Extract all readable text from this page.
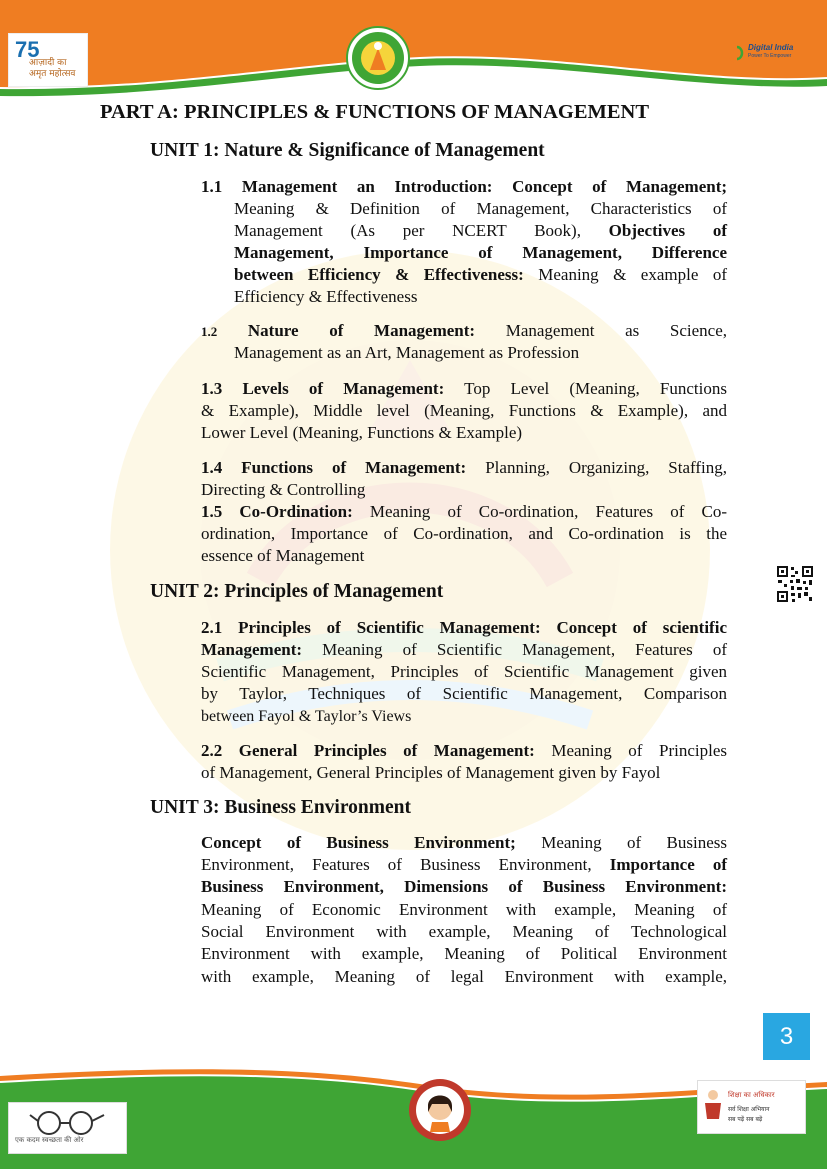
75
आज़ादी का
अमृत महोत्सव
Digital India
Power To Empower
PART A: PRINCIPLES & FUNCTIONS OF MANAGEMENT
UNIT 1: Nature & Significance of Management
1.1 Management an Introduction: Concept of Management;
Meaning & Definition of Management, Characteristics of
Management (As per NCERT Book), Objectives of
Management, Importance of Management, Difference
between Efficiency & Effectiveness: Meaning & example of
Efficiency & Effectiveness
1.2 Nature of Management: Management as Science,
Management as an Art, Management as Profession
1.3 Levels of Management: Top Level (Meaning, Functions
& Example), Middle level (Meaning, Functions & Example), and
Lower Level (Meaning, Functions & Example)
1.4 Functions of Management: Planning, Organizing, Staffing,
Directing & Controlling
1.5 Co-Ordination: Meaning of Co-ordination, Features of Co-
ordination, Importance of Co-ordination, and Co-ordination is the
essence of Management
UNIT 2: Principles of Management
2.1 Principles of Scientific Management: Concept of scientific
Management: Meaning of Scientific Management, Features of
Scientific Management, Principles of Scientific Management given
by Taylor, Techniques of Scientific Management, Comparison
between Fayol & Taylor’s Views
2.2 General Principles of Management: Meaning of Principles
of Management, General Principles of Management given by Fayol
UNIT 3: Business Environment
Concept of Business Environment; Meaning of Business
Environment, Features of Business Environment, Importance of
Business Environment, Dimensions of Business Environment:
Meaning of Economic Environment with example, Meaning of
Social Environment with example, Meaning of Technological
Environment with example, Meaning of Political Environment
with example, Meaning of legal Environment with example,
3
एक कदम स्वच्छता की ओर
शिक्षा का अधिकार
सर्व शिक्षा अभियान
सब पढ़ें सब बढ़ें
